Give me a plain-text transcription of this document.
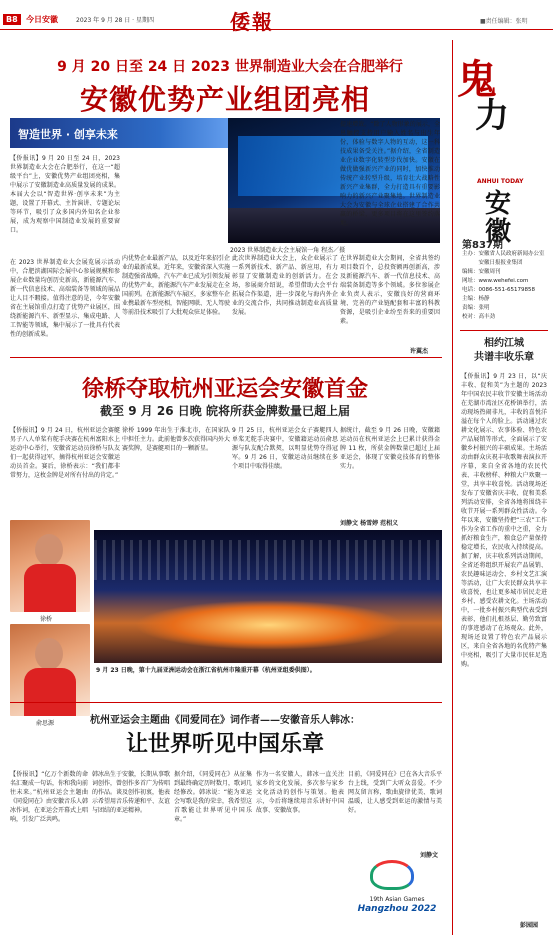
B8	今日安徽	2023 年 9 月 28 日 · 星期四	倭報	■责任编辑：张明
9 月 20 日至 24 日 2023 世界制造业大会在合肥举行
安徽优势产业组团亮相
智造世界 · 创享未来
2023 世界制造业大会主展馆一角 程杰／摄
【侨报讯】9 月 20 日至 24 日，2023 世界制造业大会在合肥举行，在这一“超级平台”上，安徽优势产业组团亮相，集中展示了安徽制造业高质量发展的成果。本届大会以“智造世界·创享未来”为主题，设置了开幕式、主旨演讲、专题论坛等环节，吸引了众多国内外知名企业参展，成为观察中国制造业发展的重要窗口。
在 2023 世界制造业大会展览展示活动中，合肥滨湖国际会展中心参展规模和参展企业数量均创历史新高，新能源汽车、新一代信息技术、高端装备等领域的展品让人目不暇接。值得注意的是，今年安徽省在主展馆重点打造了优势产业展区，围绕新能源汽车、新型显示、集成电路、人工智能等领域，集中展示了一批具有代表性的创新成果。
内优势企业最新产品，以及近年来招引企业的最新成果。近年来，安徽省深入实施制造强省战略，汽车产业已成为引领发展的优势产业，新能源汽车产业发展走在全国前列。在新能源汽车展区，多家整车企业携最新车型亮相，智能网联、无人驾驶等前沿技术吸引了大批观众驻足体验。
此次世界制造业大会上，众企业展示了一系列新技术、新产品、新应用，有力彰显了安徽制造业的创新活力。在会场，参展商介绍说，希望借助大会平台拓展合作渠道，进一步深化与海内外企业的交流合作，共同推动制造业高质量发展。
提速增效。“除了人物形象的展示，全息触控支持用户输入姓名与出生年份，体验与数字人物的互动，这一科技成果备受关注。”据介绍，全省制造业企业数字化转型步伐加快。安徽在做优做强新兴产业的同时，加快推动传统产业转型升级，培育壮大战略性新兴产业集群，全力打造具有重要影响力的新兴产业聚集地。世界制造业大会为安徽与全球企业搭建了合作共赢的桥梁，更多项目将在这里签约落地。
在世界制造业大会期间，全省共签约项目数百个，总投资额再创新高，涉及新能源汽车、新一代信息技术、高端装备制造等多个领域。多位参展企业负责人表示，安徽良好的营商环境、完善的产业链配套和丰富的科教资源，是吸引企业纷至沓来的重要因素。
许翼杰
鬼
力
ANHUI TODAY
安徽
第837期
主办：安徽省人民政府新闻办公室
　　　安徽日报报业集团
编辑：安徽周刊
网址：www.wehefei.com
电话：0086-551-65179858
主编：杨静
责编：张明
校对：高丰劲
相约江城
共谱丰收乐章
【侨报讯】9 月 23 日，以“庆丰收、促和美”为主题的 2023 年中国农民丰收节安徽主场活动在芜湖市湾沚区花桥镇举行，活动现场热闹非凡，丰收的喜悦洋溢在每个人的脸上。活动通过农耕文化展示、农事体验、特色农产品展销等形式，全面展示了安徽乡村振兴的丰硕成果。主场活动由群众庆祝丰收歌舞表演拉开序幕，来自全省各地的农民代表、丰收榜样、种粮大户欢聚一堂，共享丰收喜悦。活动现场还发布了安徽省庆丰收、促和美系列活动安排，全省各地将围绕丰收节开展一系列群众性活动。今年以来，安徽坚持把“三农”工作作为全省工作的重中之重，全力抓好粮食生产，粮食总产量保持稳定增长，农民收入持续提高。据了解，庆丰收系列活动期间，全省还将组织开展农产品展销、农民趣味运动会、乡村文艺汇演等活动，让广大农民群众共享丰收喜悦，也让更多城市居民走进乡村、感受农耕文化。主场活动中，一批乡村振兴典型代表受到表彰，他们扎根基层、勤劳致富的事迹感动了在场观众。此外，现场还设置了特色农产品展示区，来自全省各地的名优特产集中亮相，吸引了大量市民驻足选购。
彭园园
徐桥夺取杭州亚运会安徽首金
截至 9 月 26 日晚 皖将所获金牌数量已超上届
【侨报讯】9 月 24 日，杭州亚运会赛艇男子八人单桨有舵手决赛在杭州富阳水上运动中心举行，安徽省运动员徐桥与队友们一起获得冠军，摘得杭州亚运会安徽运动员首金。赛后，徐桥表示：“我们都非常努力，这枚金牌是对所有付出的肯定。”
徐桥 1999 年出生于淮北市，在国家队中担任主力。此前他曾多次获得国内外大赛奖牌，是赛艇项目的一颗新星。
9 月 25 日，杭州亚运会女子赛艇四人单桨无舵手决赛中，安徽籍运动员俞思源与队友配合默契，以明显优势夺得冠军。9 月 26 日，安徽运动员继续在多个项目中取得佳绩。
据统计，截至 9 月 26 日晚，安徽籍运动员在杭州亚运会上已累计获得金牌 11 枚，所获金牌数量已超过上届亚运会，体现了安徽竞技体育的整体实力。
刘静文 杨雪婷 范相义
徐桥
俞思源
9 月 23 日晚，第十九届亚洲运动会在浙江省杭州市隆重开幕（杭州亚组委供图）。
杭州亚运会主题曲《同爱同在》词作者——安徽音乐人韩冰：
让世界听见中国乐章
【侨报讯】“亿万个新数的命名汇聚成一句话，你和我向前往未来。”杭州亚运会主题曲《同爱同在》由安徽音乐人韩冰作词，在亚运会开幕式上唱响，引发广泛共鸣。
韩冰出生于安徽，长期从事歌词创作，曾创作多首广为传唱的作品。谈及创作初衷，他表示希望用音乐传递和平、友谊与团结的亚运精神。
据介绍，《同爱同在》从征集到最终确定历时数月，歌词几经修改。韩冰说：“能为亚运会写歌是我的荣幸，我希望这首歌能让世界听见中国乐章。”
作为一名安徽人，韩冰一直关注家乡的文化发展，多次参与家乡文化活动的创作与策划。他表示，今后将继续用音乐讲好中国故事、安徽故事。
目前，《同爱同在》已在各大音乐平台上线，受到广大听众喜爱。不少网友留言称，歌曲旋律优美、歌词温暖，让人感受到亚运的激情与美好。
刘静文
19th Asian Games
Hangzhou 2022
